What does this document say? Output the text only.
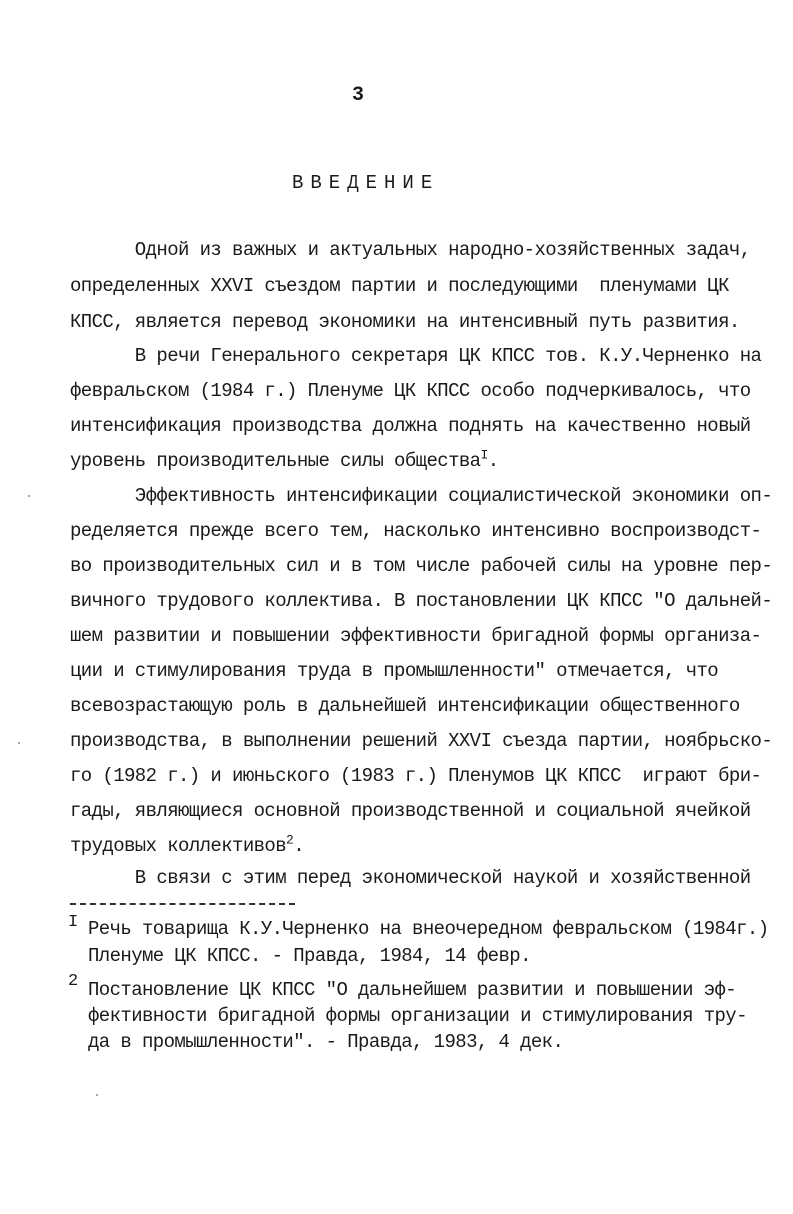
3
ВВЕДЕНИЕ
Одной из важных и актуальных народно-хозяйственных задач,
определенных XXVI съездом партии и последующими  пленумами ЦК
КПСС, является перевод экономики на интенсивный путь развития.
В речи Генерального секретаря ЦК КПСС тов. К.У.Черненко на
февральском (1984 г.) Пленуме ЦК КПСС особо подчеркивалось, что
интенсификация производства должна поднять на качественно новый
уровень производительные силы общества$^I$.
Эффективность интенсификации социалистической экономики оп-
ределяется прежде всего тем, насколько интенсивно воспроизводст-
во производительных сил и в том числе рабочей силы на уровне пер-
вичного трудового коллектива. В постановлении ЦК КПСС "О дальней-
шем развитии и повышении эффективности бригадной формы организа-
ции и стимулирования труда в промышленности" отмечается, что
всевозрастающую роль в дальнейшей интенсификации общественного
производства, в выполнении решений XXVI съезда партии, ноябрьско-
го (1982 г.) и июньского (1983 г.) Пленумов ЦК КПСС  играют бри-
гады, являющиеся основной производственной и социальной ячейкой
трудовых коллективов$^2$.
В связи с этим перед экономической наукой и хозяйственной
I Речь товарища К.У.Черненко на внеочередном февральском (1984г.)
Пленуме ЦК КПСС. - Правда, 1984, 14 февр.
2 Постановление ЦК КПСС "О дальнейшем развитии и повышении эф-
фективности бригадной формы организации и стимулирования тру-
да в промышленности". - Правда, 1983, 4 дек.
